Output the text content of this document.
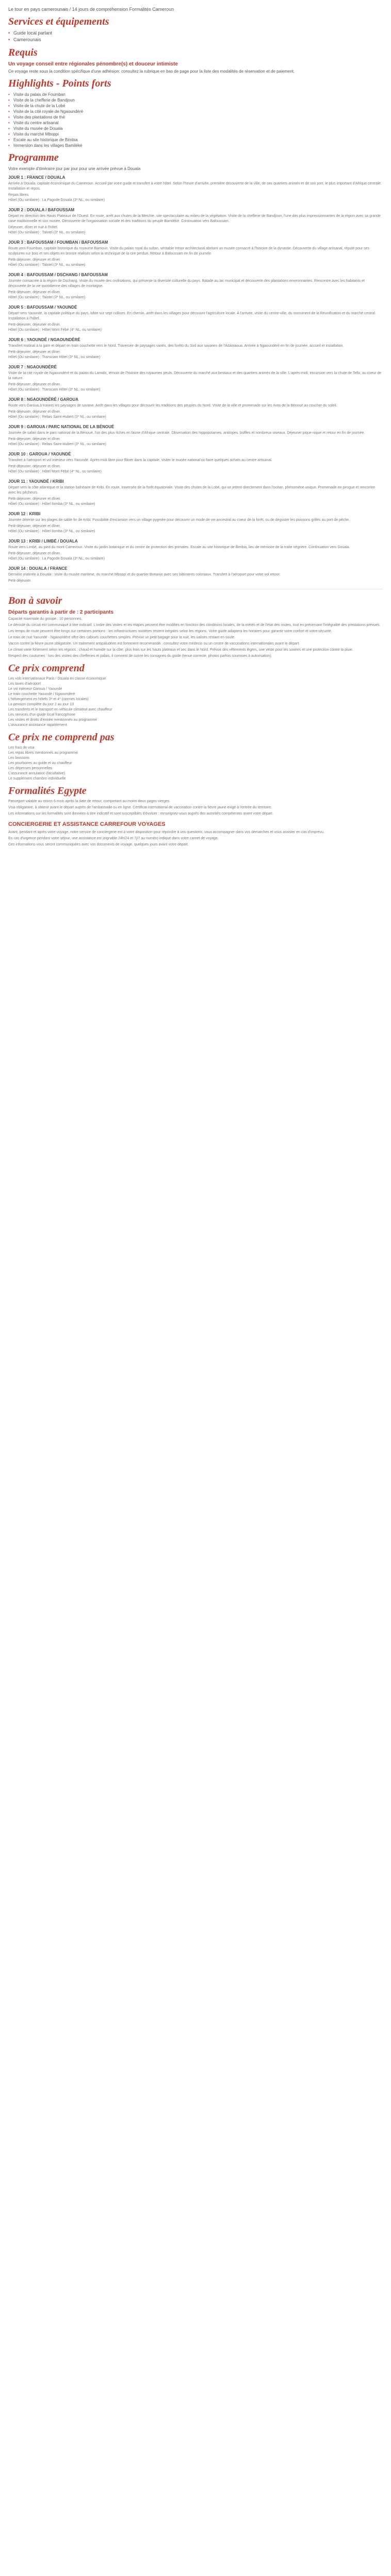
Le tour en pays camerounais / 14 jours de compréhension Formalités Cameroun

Services et équipements
• Guide local parlant
• Camerounais
Requis

Un voyage conseil entre régionales pénombre(s) et douceur intimiste

Ce voyage reste sous la condition spécifique d'une adhésion: consultez la rubrique en bas de page pour la liste des modalités de réservation et de paiement.

Highlights - Points forts
• Visite du palais de Foumban
• Visite de la chefferie de Bandjoun
• Visite de la chute de la Lobé
• Visite de la cité royale de Ngaoundéré
• Visite des plantations de thé
• Visite du centre artisanal
• Visite du musée de Douala
• Visite du marché Mboppi
• Escale au site historique de Bimbia
• Immersion dans les villages Bamiléké
Programme

Votre exemple d'itinéraire jour par jour pour une arrivée prévue à Douala

JOUR 1 : FRANCE / DOUALA

Arrivée à Douala, capitale économique du Cameroun. Accueil par votre guide et transfert à votre hôtel. Selon l'heure d'arrivée, première découverte de la ville, de ses quartiers animés et de son port, le plus important d'Afrique centrale. Installation et repos.

Repas libres.

Hôtel (Ou similaire) : La Pagode Douala (3* NL, ou similaire)

JOUR 2 : DOUALA / BAFOUSSAM

Départ en direction des Hauts Plateaux de l'Ouest. En route, arrêt aux chutes de la Metchie, site spectaculaire au milieu de la végétation. Visite de la chefferie de Bandjoun, l'une des plus impressionnantes de la région avec sa grande case traditionnelle et son musée. Découverte de l'organisation sociale et des traditions du peuple Bamiléké. Continuation vers Bafoussam.

Déjeuner, dîner et nuit à l'hôtel.

Hôtel (Ou similaire) : Talotel (3* NL, ou similaire)

JOUR 3 : BAFOUSSAM / FOUMBAN / BAFOUSSAM

Route vers Foumban, capitale historique du royaume Bamoun. Visite du palais royal du sultan, véritable trésor architectural abritant un musée consacré à l'histoire de la dynastie. Découverte du village artisanal, réputé pour ses sculptures sur bois et ses objets en bronze réalisés selon la technique de la cire perdue. Retour à Bafoussam en fin de journée.

Petit-déjeuner, déjeuner et dîner.

Hôtel (Ou similaire) : Talotel (3* NL, ou similaire)

JOUR 4 : BAFOUSSAM / DSCHANG / BAFOUSSAM

Journée consacrée à la région de Dschang. Visite du musée des civilisations, qui présente la diversité culturelle du pays. Balade au lac municipal et découverte des plantations environnantes. Rencontre avec les habitants et découverte de la vie quotidienne des villages de montagne.

Petit-déjeuner, déjeuner et dîner.

Hôtel (Ou similaire) : Talotel (3* NL, ou similaire)

JOUR 5 : BAFOUSSAM / YAOUNDÉ

Départ vers Yaoundé, la capitale politique du pays, bâtie sur sept collines. En chemin, arrêt dans les villages pour découvrir l'agriculture locale. A l'arrivée, visite du centre-ville, du monument de la Réunification et du marché central. Installation à l'hôtel.

Petit-déjeuner, déjeuner et dîner.

Hôtel (Ou similaire) : Hôtel Mont Fébé (4* NL, ou similaire)

JOUR 6 : YAOUNDÉ / NGAOUNDÉRÉ

Transfert matinal à la gare et départ en train couchette vers le Nord. Traversée de paysages variés, des forêts du Sud aux savanes de l'Adamaoua. Arrivée à Ngaoundéré en fin de journée, accueil et installation.

Petit-déjeuner, déjeuner et dîner.

Hôtel (Ou similaire) : Transcam Hôtel (3* NL, ou similaire)

JOUR 7 : NGAOUNDÉRÉ

Visite de la cité royale de Ngaoundéré et du palais du Lamido, témoin de l'histoire des royaumes peuls. Découverte du marché aux bestiaux et des quartiers animés de la ville. L'après-midi, excursion vers la chute de Tello, au coeur de la nature.

Petit-déjeuner, déjeuner et dîner.

Hôtel (Ou similaire) : Transcam Hôtel (3* NL, ou similaire)

JOUR 8 : NGAOUNDÉRÉ / GAROUA

Route vers Garoua à travers les paysages de savane. Arrêt dans les villages pour découvrir les traditions des peuples du Nord. Visite de la ville et promenade sur les rives de la Bénoué au coucher du soleil.

Petit-déjeuner, déjeuner et dîner.

Hôtel (Ou similaire) : Relais Saint-Hubert (3* NL, ou similaire)

JOUR 9 : GAROUA / PARC NATIONAL DE LA BÉNOUÉ

Journée de safari dans le parc national de la Bénoué, l'un des plus riches en faune d'Afrique centrale. Observation des hippopotames, antilopes, buffles et nombreux oiseaux. Déjeuner pique-nique et retour en fin de journée.

Petit-déjeuner, déjeuner et dîner.

Hôtel (Ou similaire) : Relais Saint-Hubert (3* NL, ou similaire)

JOUR 10 : GAROUA / YAOUNDÉ

Transfert à l'aéroport et vol intérieur vers Yaoundé. Après-midi libre pour flâner dans la capitale, visiter le musée national ou faire quelques achats au centre artisanal.

Petit-déjeuner, déjeuner et dîner.

Hôtel (Ou similaire) : Hôtel Mont Fébé (4* NL, ou similaire)

JOUR 11 : YAOUNDÉ / KRIBI

Départ vers la côte atlantique et la station balnéaire de Kribi. En route, traversée de la forêt équatoriale. Visite des chutes de la Lobé, qui se jettent directement dans l'océan, phénomène unique. Promenade en pirogue et rencontre avec les pêcheurs.

Petit-déjeuner, déjeuner et dîner.

Hôtel (Ou similaire) : Hôtel Ilomba (3* NL, ou similaire)

JOUR 12 : KRIBI

Journée détente sur les plages de sable fin de Kribi. Possibilité d'excursion vers un village pygmée pour découvrir un mode de vie ancestral au coeur de la forêt, ou de déguster les poissons grillés au port de pêche.

Petit-déjeuner, déjeuner et dîner.

Hôtel (Ou similaire) : Hôtel Ilomba (3* NL, ou similaire)

JOUR 13 : KRIBI / LIMBÉ / DOUALA

Route vers Limbé, au pied du mont Cameroun. Visite du jardin botanique et du centre de protection des primates. Escale au site historique de Bimbia, lieu de mémoire de la traite négrière. Continuation vers Douala.

Petit-déjeuner, déjeuner et dîner.

Hôtel (Ou similaire) : La Pagode Douala (3* NL, ou similaire)

JOUR 14 : DOUALA / FRANCE

Dernière matinée à Douala : visite du musée maritime, du marché Mboppi et du quartier Bonanjo avec ses bâtiments coloniaux. Transfert à l'aéroport pour votre vol retour.

Petit-déjeuner.

Bon à savoir

Départs garantis à partir de : 2 participants

Capacité maximale du groupe : 10 personnes.

Le déroulé du circuit est communiqué à titre indicatif. L'ordre des visites et les étapes peuvent être modifiés en fonction des conditions locales, de la météo et de l'état des routes, tout en préservant l'intégralité des prestations prévues.

Les temps de route peuvent être longs sur certaines portions : les infrastructures routières restent inégales selon les régions. Votre guide adaptera les horaires pour garantir votre confort et votre sécurité.

Le train de nuit Yaoundé - Ngaoundéré offre des cabines couchettes simples. Prévoir un petit bagage pour la nuit, les valises restant en soute.

Vaccin contre la fièvre jaune obligatoire. Un traitement antipaludéen est fortement recommandé : consultez votre médecin ou un centre de vaccinations internationales avant le départ.

Le climat varie fortement selon les régions : chaud et humide sur la côte, plus frais sur les hauts plateaux et sec dans le Nord. Prévoir des vêtements légers, une veste pour les soirées et une protection contre la pluie.

Respect des coutumes : lors des visites des chefferies et palais, il convient de suivre les consignes du guide (tenue correcte, photos parfois soumises à autorisation).

Ce prix comprend
Les vols internationaux Paris / Douala en classe économique
Les taxes d'aéroport
Le vol intérieur Garoua / Yaoundé
Le train couchette Yaoundé / Ngaoundéré
L'hébergement en hôtels 3* et 4* (normes locales)
La pension complète du jour 2 au jour 13
Les transferts et le transport en véhicule climatisé avec chauffeur
Les services d'un guide local francophone
Les visites et droits d'entrée mentionnés au programme
L'assurance assistance rapatriement
Ce prix ne comprend pas
Les frais de visa
Les repas libres mentionnés au programme
Les boissons
Les pourboires au guide et au chauffeur
Les dépenses personnelles
L'assurance annulation (facultative)
Le supplément chambre individuelle
Formalités Egypte

Passeport valable au moins 6 mois après la date de retour, comportant au moins deux pages vierges.

Visa obligatoire, à obtenir avant le départ auprès de l'ambassade ou en ligne. Certificat international de vaccination contre la fièvre jaune exigé à l'entrée du territoire.

Les informations sur les formalités sont données à titre indicatif et sont susceptibles d'évoluer : renseignez-vous auprès des autorités compétentes avant votre départ.

CONCIERGERIE ET ASSISTANCE CARREFOUR VOYAGES

Avant, pendant et après votre voyage, notre service de conciergerie est à votre disposition pour répondre à vos questions, vous accompagner dans vos démarches et vous assister en cas d'imprévu.

En cas d'urgence pendant votre séjour, une assistance est joignable 24h/24 et 7j/7 au numéro indiqué dans votre carnet de voyage.

Ces informations vous seront communiquées avec vos documents de voyage, quelques jours avant votre départ.
